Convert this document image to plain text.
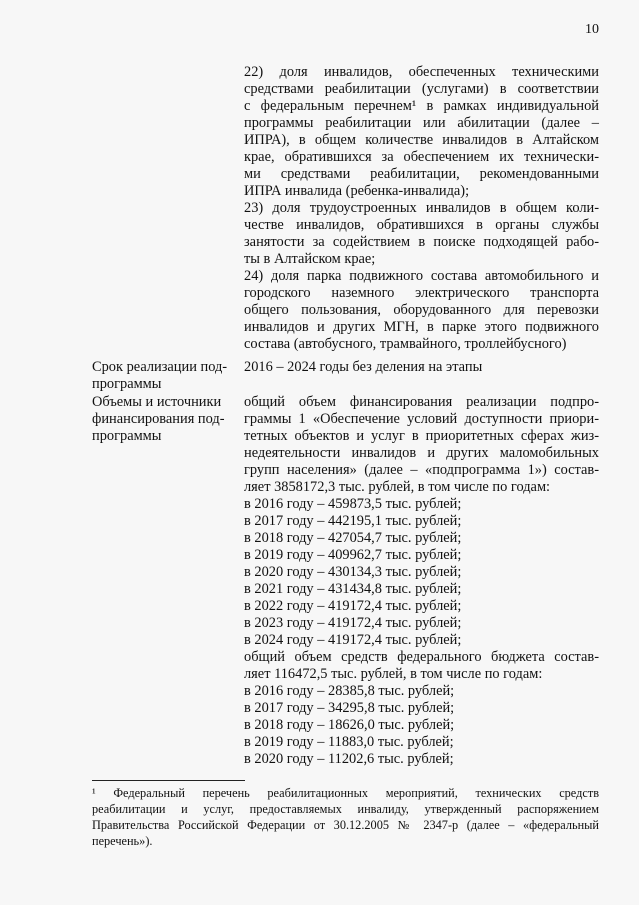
10
22) доля инвалидов, обеспеченных техническими
средствами реабилитации (услугами) в соответствии
с федеральным перечнем¹ в рамках индивидуальной
программы реабилитации или абилитации (далее –
ИПРА), в общем количестве инвалидов в Алтайском
крае, обратившихся за обеспечением их технически-
ми средствами реабилитации, рекомендованными
ИПРА инвалида (ребенка-инвалида);
23) доля трудоустроенных инвалидов в общем коли-
честве инвалидов, обратившихся в органы службы
занятости за содействием в поиске подходящей рабо-
ты в Алтайском крае;
24) доля парка подвижного состава автомобильного и
городского наземного электрического транспорта
общего пользования, оборудованного для перевозки
инвалидов и других МГН, в парке этого подвижного
состава (автобусного, трамвайного, троллейбусного)
Срок реализации под-
программы
2016 – 2024 годы без деления на этапы
Объемы и источники
финансирования под-
программы
общий объем финансирования реализации подпро-
граммы 1 «Обеспечение условий доступности приори-
тетных объектов и услуг в приоритетных сферах жиз-
недеятельности инвалидов и других маломобильных
групп населения» (далее – «подпрограмма 1») состав-
ляет 3858172,3 тыс. рублей, в том числе по годам:
в 2016 году – 459873,5 тыс. рублей;
в 2017 году – 442195,1 тыс. рублей;
в 2018 году – 427054,7 тыс. рублей;
в 2019 году – 409962,7 тыс. рублей;
в 2020 году – 430134,3 тыс. рублей;
в 2021 году – 431434,8 тыс. рублей;
в 2022 году – 419172,4 тыс. рублей;
в 2023 году – 419172,4 тыс. рублей;
в 2024 году – 419172,4 тыс. рублей;
общий объем средств федерального бюджета состав-
ляет 116472,5 тыс. рублей, в том числе по годам:
в 2016 году – 28385,8 тыс. рублей;
в 2017 году – 34295,8 тыс. рублей;
в 2018 году – 18626,0 тыс. рублей;
в 2019 году – 11883,0 тыс. рублей;
в 2020 году – 11202,6 тыс. рублей;
¹ Федеральный перечень реабилитационных мероприятий, технических средств
реабилитации и услуг, предоставляемых инвалиду, утвержденный распоряжением
Правительства Российской Федерации от 30.12.2005 № 2347-р (далее – «федеральный
перечень»).
